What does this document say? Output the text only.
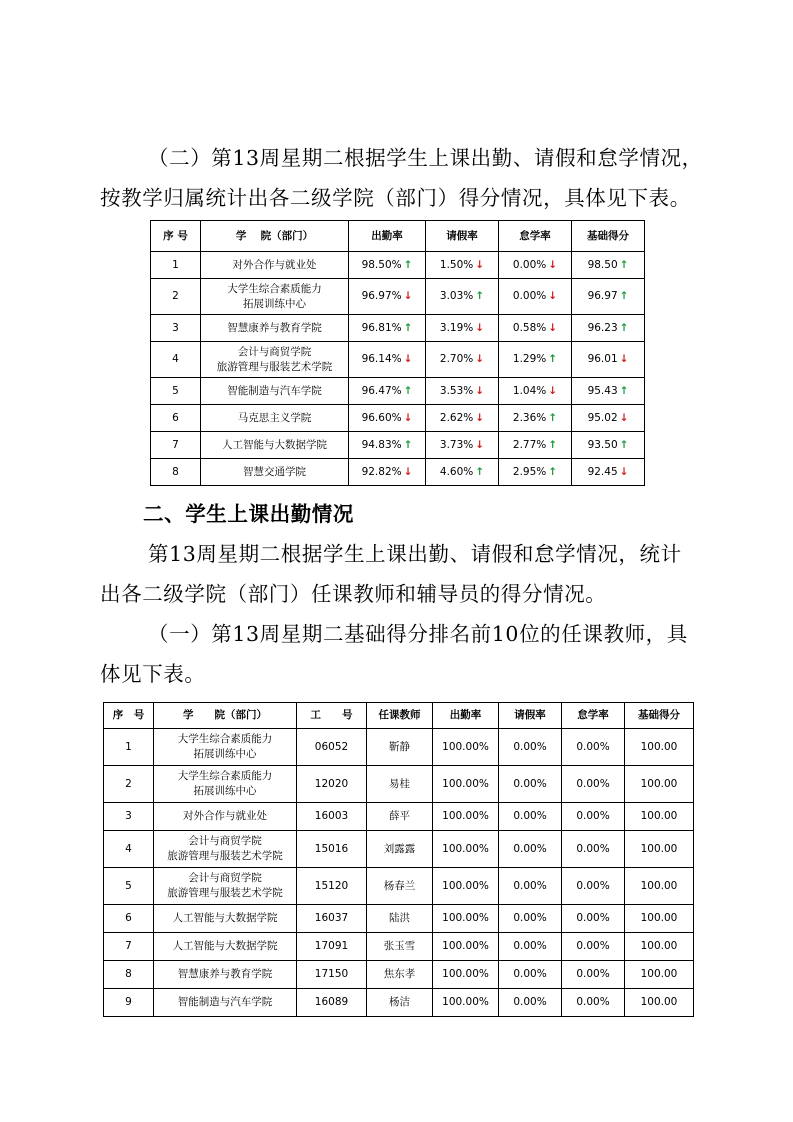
（二）第13周星期二根据学生上课出勤、请假和怠学情况，

按教学归属统计出各二级学院（部门）得分情况，具体见下表。

序 号	学　 院（部门）	出勤率	请假率	怠学率	基础得分
1	对外合作与就业处	98.50% ↑	1.50% ↓	0.00% ↓	98.50 ↑
2	大学生综合素质能力
拓展训练中心	96.97% ↓	3.03% ↑	0.00% ↓	96.97 ↑
3	智慧康养与教育学院	96.81% ↑	3.19% ↓	0.58% ↓	96.23 ↑
4	会计与商贸学院
旅游管理与服装艺术学院	96.14% ↓	2.70% ↓	1.29% ↑	96.01 ↓
5	智能制造与汽车学院	96.47% ↑	3.53% ↓	1.04% ↓	95.43 ↑
6	马克思主义学院	96.60% ↓	2.62% ↓	2.36% ↑	95.02 ↓
7	人工智能与大数据学院	94.83% ↑	3.73% ↓	2.77% ↑	93.50 ↑
8	智慧交通学院	92.82% ↓	4.60% ↑	2.95% ↑	92.45 ↓

二、学生上课出勤情况

第13周星期二根据学生上课出勤、请假和怠学情况，统计

出各二级学院（部门）任课教师和辅导员的得分情况。

（一）第13周星期二基础得分排名前10位的任课教师，具

体见下表。

序　号	学　　院（部门）	工　　号	任课教师	出勤率	请假率	怠学率	基础得分
1	大学生综合素质能力
拓展训练中心	06052	靳静	100.00%	0.00%	0.00%	100.00
2	大学生综合素质能力
拓展训练中心	12020	易桂	100.00%	0.00%	0.00%	100.00
3	对外合作与就业处	16003	薛平	100.00%	0.00%	0.00%	100.00
4	会计与商贸学院
旅游管理与服装艺术学院	15016	刘露露	100.00%	0.00%	0.00%	100.00
5	会计与商贸学院
旅游管理与服装艺术学院	15120	杨春兰	100.00%	0.00%	0.00%	100.00
6	人工智能与大数据学院	16037	陆洪	100.00%	0.00%	0.00%	100.00
7	人工智能与大数据学院	17091	张玉雪	100.00%	0.00%	0.00%	100.00
8	智慧康养与教育学院	17150	焦东孝	100.00%	0.00%	0.00%	100.00
9	智能制造与汽车学院	16089	杨洁	100.00%	0.00%	0.00%	100.00
